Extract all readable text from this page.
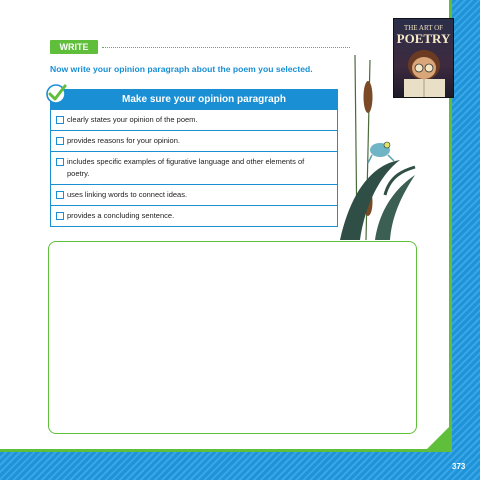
WRITE
Now write your opinion paragraph about the poem you selected.
Make sure your opinion paragraph
clearly states your opinion of the poem.
provides reasons for your opinion.
includes specific examples of figurative language and other elements of poetry.
uses linking words to connect ideas.
provides a concluding sentence.
THE ART OF
POETRY
373
